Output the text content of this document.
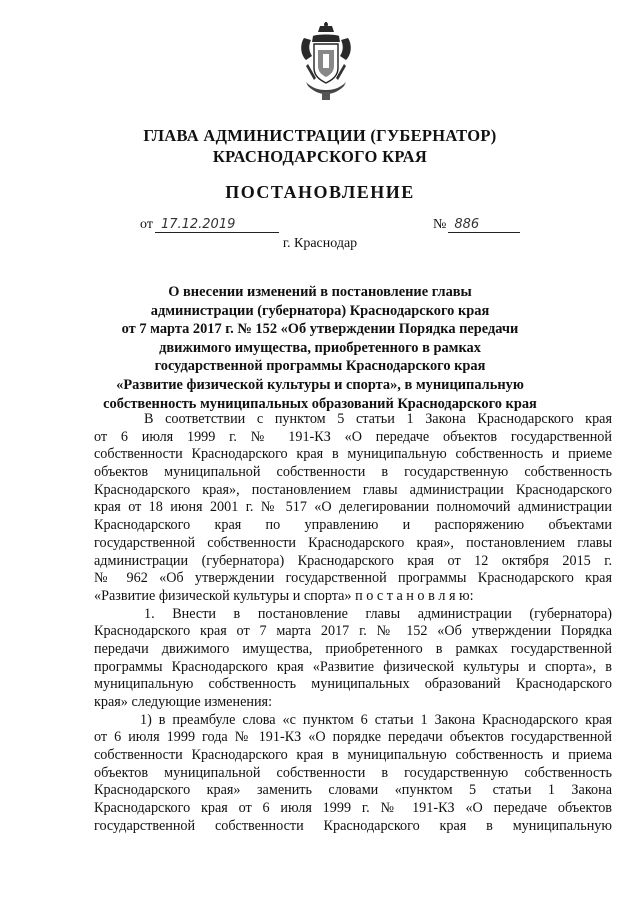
ГЛАВА АДМИНИСТРАЦИИ (ГУБЕРНАТОР)
КРАСНОДАРСКОГО КРАЯ
ПОСТАНОВЛЕНИЕ
от 17.12.2019	№ 886
г. Краснодар
О внесении изменений в постановление главы
администрации (губернатора) Краснодарского края
от 7 марта 2017 г. № 152 «Об утверждении Порядка передачи
движимого имущества, приобретенного в рамках
государственной программы Краснодарского края
«Развитие физической культуры и спорта», в муниципальную
собственность муниципальных образований Краснодарского края
В соответствии с пунктом 5 статьи 1 Закона Краснодарского края
от 6 июля 1999 г. № 191-КЗ «О передаче объектов государственной
собственности Краснодарского края в муниципальную собственность и приеме
объектов муниципальной собственности в государственную собственность
Краснодарского края», постановлением главы администрации Краснодарского
края от 18 июня 2001 г. № 517 «О делегировании полномочий администрации
Краснодарского края по управлению и распоряжению объектами
государственной собственности Краснодарского края», постановлением главы
администрации (губернатора) Краснодарского края от 12 октября 2015 г.
№ 962 «Об утверждении государственной программы Краснодарского края
«Развитие физической культуры и спорта» п о с т а н о в л я ю:
1. Внести в постановление главы администрации (губернатора)
Краснодарского края от 7 марта 2017 г. № 152 «Об утверждении Порядка
передачи движимого имущества, приобретенного в рамках государственной
программы Краснодарского края «Развитие физической культуры и спорта», в
муниципальную собственность муниципальных образований Краснодарского
края» следующие изменения:
1) в преамбуле слова «с пунктом 6 статьи 1 Закона Краснодарского края
от 6 июля 1999 года № 191-КЗ «О порядке передачи объектов государственной
собственности Краснодарского края в муниципальную собственность и приема
объектов муниципальной собственности в государственную собственность
Краснодарского края» заменить словами «пунктом 5 статьи 1 Закона
Краснодарского края от 6 июля 1999 г. № 191-КЗ «О передаче объектов
государственной собственности Краснодарского края в муниципальную
